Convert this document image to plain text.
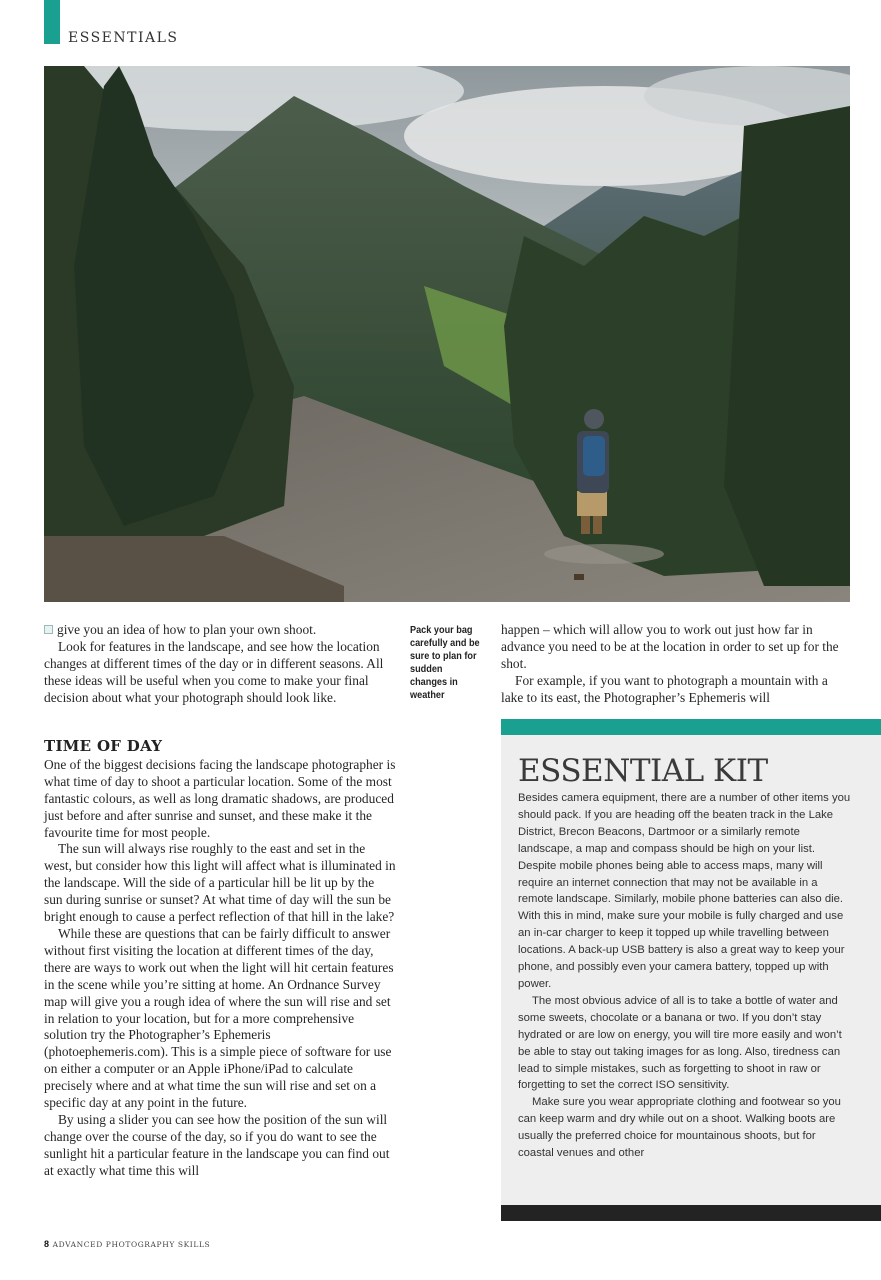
ESSENTIALS

give you an idea of how to plan your own shoot.

Look for features in the landscape, and see how the location changes at different times of the day or in different seasons. All these ideas will be useful when you come to make your final decision about what your photograph should look like.

Pack your bag carefully and be sure to plan for sudden changes in weather

happen – which will allow you to work out just how far in advance you need to be at the location in order to set up for the shot.

For example, if you want to photograph a mountain with a lake to its east, the Photographer’s Ephemeris will

TIME OF DAY

One of the biggest decisions facing the landscape photographer is what time of day to shoot a particular location. Some of the most fantastic colours, as well as long dramatic shadows, are produced just before and after sunrise and sunset, and these make it the favourite time for most people.

The sun will always rise roughly to the east and set in the west, but consider how this light will affect what is illuminated in the landscape. Will the side of a particular hill be lit up by the sun during sunrise or sunset? At what time of day will the sun be bright enough to cause a perfect reflection of that hill in the lake?

While these are questions that can be fairly difficult to answer without first visiting the location at different times of the day, there are ways to work out when the light will hit certain features in the scene while you’re sitting at home. An Ordnance Survey map will give you a rough idea of where the sun will rise and set in relation to your location, but for a more comprehensive solution try the Photographer’s Ephemeris (photoephemeris.com). This is a simple piece of software for use on either a computer or an Apple iPhone/iPad to calculate precisely where and at what time the sun will rise and set on a specific day at any point in the future.

By using a slider you can see how the position of the sun will change over the course of the day, so if you do want to see the sunlight hit a particular feature in the landscape you can find out at exactly what time this will

ESSENTIAL KIT

Besides camera equipment, there are a number of other items you should pack. If you are heading off the beaten track in the Lake District, Brecon Beacons, Dartmoor or a similarly remote landscape, a map and compass should be high on your list. Despite mobile phones being able to access maps, many will require an internet connection that may not be available in a remote landscape. Similarly, mobile phone batteries can also die. With this in mind, make sure your mobile is fully charged and use an in-car charger to keep it topped up while travelling between locations. A back-up USB battery is also a great way to keep your phone, and possibly even your camera battery, topped up with power.

The most obvious advice of all is to take a bottle of water and some sweets, chocolate or a banana or two. If you don’t stay hydrated or are low on energy, you will tire more easily and won’t be able to stay out taking images for as long. Also, tiredness can lead to simple mistakes, such as forgetting to shoot in raw or forgetting to set the correct ISO sensitivity.

Make sure you wear appropriate clothing and footwear so you can keep warm and dry while out on a shoot. Walking boots are usually the preferred choice for mountainous shoots, but for coastal venues and other

8 ADVANCED PHOTOGRAPHY SKILLS
